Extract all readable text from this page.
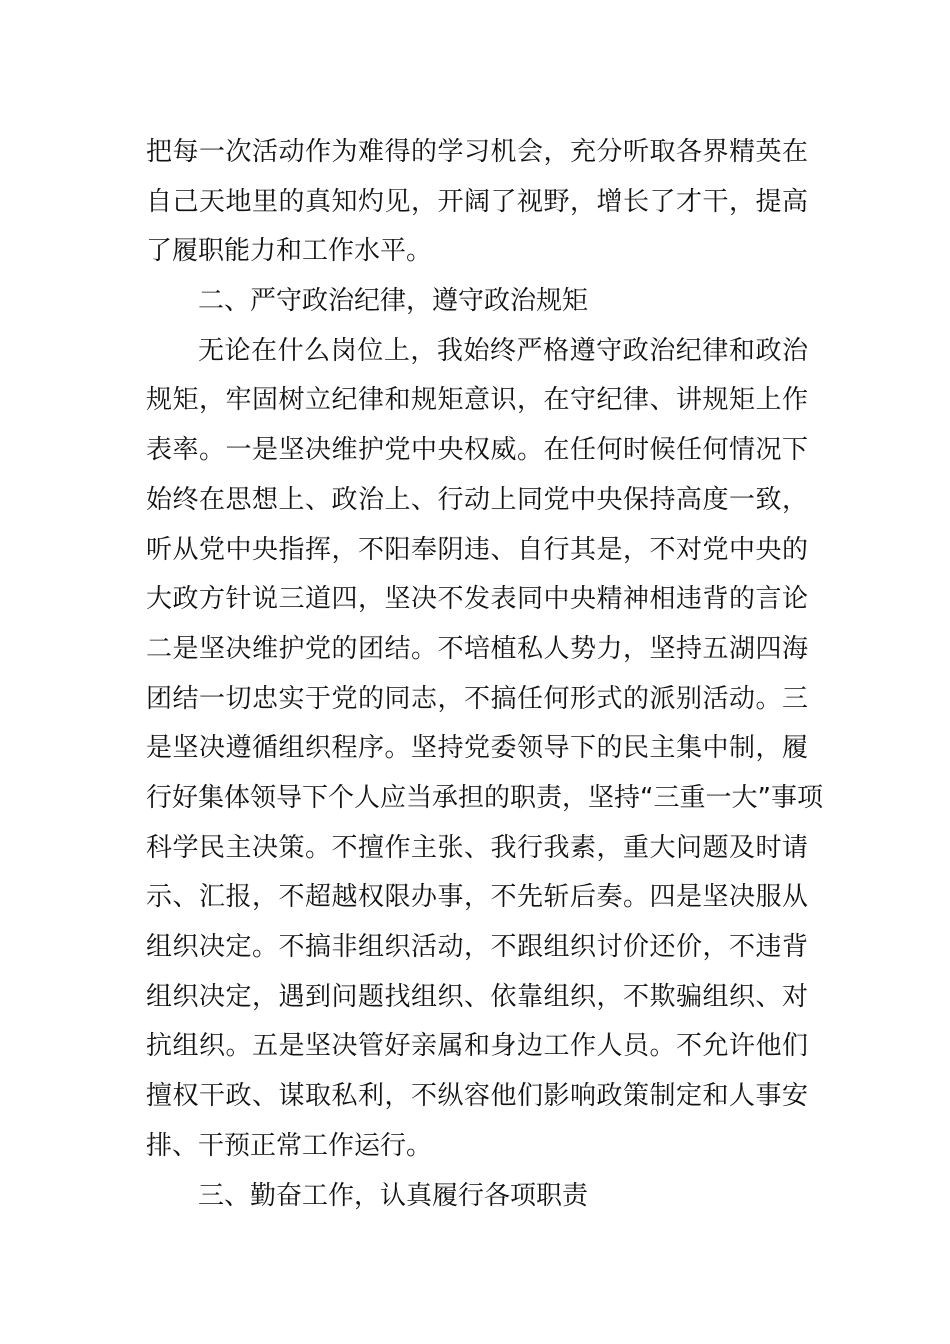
把每一次活动作为难得的学习机会，充分听取各界精英在
自己天地里的真知灼见，开阔了视野，增长了才干，提高
了履职能力和工作水平。
二、严守政治纪律，遵守政治规矩
无论在什么岗位上，我始终严格遵守政治纪律和政治
规矩，牢固树立纪律和规矩意识，在守纪律、讲规矩上作
表率。一是坚决维护党中央权威。在任何时候任何情况下
始终在思想上、政治上、行动上同党中央保持高度一致，
听从党中央指挥，不阳奉阴违、自行其是，不对党中央的
大政方针说三道四，坚决不发表同中央精神相违背的言论
二是坚决维护党的团结。不培植私人势力，坚持五湖四海
团结一切忠实于党的同志，不搞任何形式的派别活动。三
是坚决遵循组织程序。坚持党委领导下的民主集中制，履
行好集体领导下个人应当承担的职责，坚持“三重一大”事项
科学民主决策。不擅作主张、我行我素，重大问题及时请
示、汇报，不超越权限办事，不先斩后奏。四是坚决服从
组织决定。不搞非组织活动，不跟组织讨价还价，不违背
组织决定，遇到问题找组织、依靠组织，不欺骗组织、对
抗组织。五是坚决管好亲属和身边工作人员。不允许他们
擅权干政、谋取私利，不纵容他们影响政策制定和人事安
排、干预正常工作运行。
三、勤奋工作，认真履行各项职责
